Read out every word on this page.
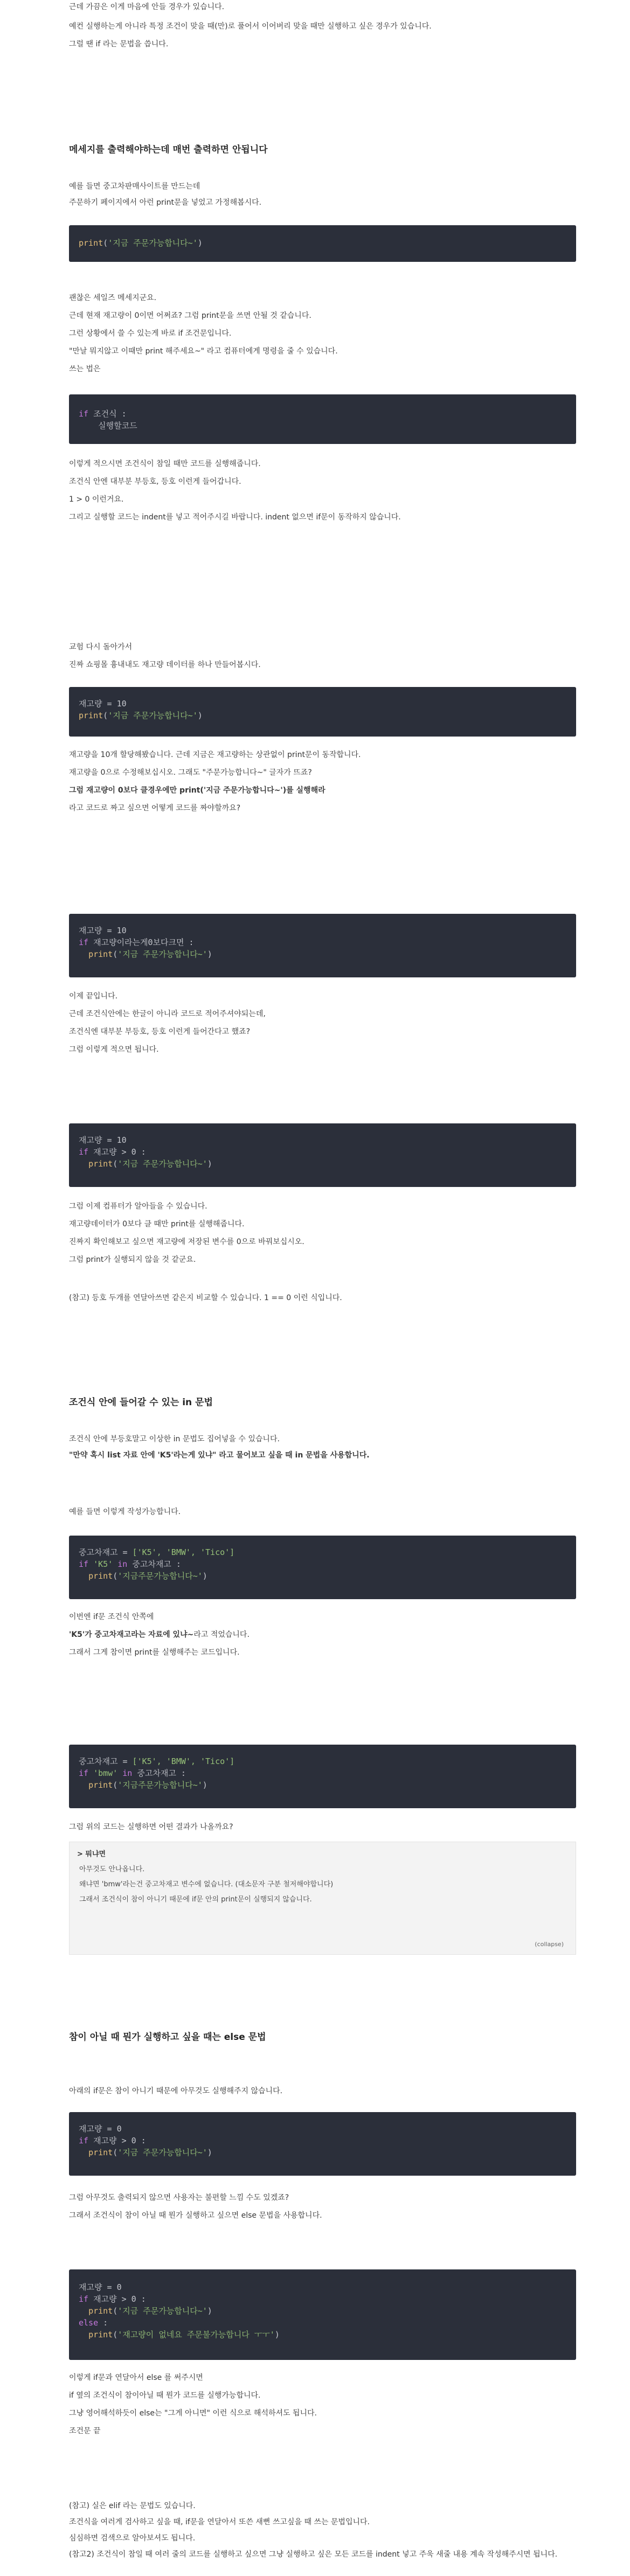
근데 가끔은 이게 마음에 안들 경우가 있습니다.

예컨 실행하는게 아니라 특정 조건이 맞을 때(만)로 풀어서 이어버리 맞을 때만 실행하고 싶은 경우가 있습니다.

그럴 땐 if 라는 문법을 씁니다.

메세지를 출력해야하는데 매번 출력하면 안됩니다

예를 들면 중고차판매사이트를 만드는데

주문하기 페이지에서 아런 print문을 넣었고 가정해봅시다.

print('지금 주문가능합니다~')

괜찮은 세일즈 메세지군요.

근데 현재 재고량이 0이면 어쩌죠? 그럼 print문을 쓰면 안될 것 같습니다.

그런 상황에서 쓸 수 있는게 바로 if 조건문입니다.

"만날 뭐지않고 이때만 print 해주세요~" 라고 컴퓨터에게 명령을 줄 수 있습니다.

쓰는 법은

if 조건식 :
실행할코드

이렇게 적으시면 조건식이 참일 때만 코드를 실행해줍니다.

조건식 안엔 대부분 부등호, 등호 이런게 들어갑니다.

1 > 0 이런거요.

그리고 실행할 코드는 indent를 넣고 적어주시길 바랍니다. indent 없으면 if문이 동작하지 않습니다.

교험 다시 돌아가서

진짜 쇼핑몰 흉내내도 재고량 데이터를 하나 만들어봅시다.

재고량 = 10
print('지금 주문가능합니다~')

재고량을 10개 할당해봤습니다. 근데 지금은 재고량하는 상관없이 print문이 동작합니다.

재고량을 0으로 수정해보십시오. 그래도 "주문가능합니다~" 글자가 뜨죠?

그럼 재고량이 0보다 클경우에만 print('지금 주문가능합니다~')를 실행해라

라고 코드로 짜고 싶으면 어떻게 코드를 짜야할까요?

재고량 = 10
if 재고량이라는게0보다크면 :
print('지금 주문가능합니다~')

이제 끝입니다.

근데 조건식안에는 한글이 아니라 코드로 적어주셔야되는데,

조건식엔 대부분 부등호, 등호 이런게 들어간다고 했죠?

그럼 이렇게 적으면 됩니다.

재고량 = 10
if 재고량 > 0 :
print('지금 주문가능합니다~')

그럼 이제 컴퓨터가 알아들을 수 있습니다.

재고량데이터가 0보다 클 때만 print를 실행해줍니다.

진짜지 확인해보고 싶으면 재고량에 저장된 변수를 0으로 바꿔보십시오.

그럼 print가 실행되지 않을 것 같군요.

(참고) 등호 두개를 연달아쓰면 같은지 비교할 수 있습니다. 1 == 0 이런 식입니다.

조건식 안에 들어갈 수 있는 in 문법

조건식 안에 부등호말고 이상한 in 문법도 집어넣을 수 있습니다.

"만약 혹시 list 자료 안에 'K5'라는게 있냐" 라고 물어보고 싶을 때 in 문법을 사용합니다.

예를 들면 이렇게 작성가능합니다.

중고차재고 = ['K5', 'BMW', 'Tico']
if 'K5' in 중고차재고 :
print('지금주문가능합니다~')

이번엔 if문 조건식 안쪽에

'K5'가 중고차재고라는 자료에 있냐~라고 적었습니다.

그래서 그게 참이면 print를 실행해주는 코드입니다.

중고차재고 = ['K5', 'BMW', 'Tico']
if 'bmw' in 중고차재고 :
print('지금주문가능합니다~')

그럼 위의 코드는 실행하면 어떤 결과가 나올까요?

> 뭐냐면
아무것도 안나옵니다.
왜냐면 'bmw'라는건 중고차재고 변수에 없습니다. (대소문자 구분 철저해야합니다)
그래서 조건식이 참이 아니기 때문에 if문 안의 print문이 실행되지 않습니다.
(collapse)
참이 아닐 때 뭔가 실행하고 싶을 때는 else 문법

아래의 if문은 참이 아니기 때문에 아무것도 실행해주지 않습니다.

재고량 = 0
if 재고량 > 0 :
print('지금 주문가능합니다~')

그럼 아무것도 출력되지 않으면 사용자는 불편할 느낌 수도 있겠죠?

그래서 조건식이 참이 아닐 때 뭔가 실행하고 싶으면 else 문법을 사용합니다.

재고량 = 0
if 재고량 > 0 :
print('지금 주문가능합니다~')
else :
print('재고량이 없네요 주문불가능합니다 ㅜㅜ')

이렇게 if문과 연달아서 else 를 써주시면

if 옆의 조건식이 참이아닐 때 뭔가 코드를 실행가능합니다.

그냥 영어해석하듯이 else는 "그게 아니면" 이런 식으로 해석하셔도 됩니다.

조건문 끝

(참고) 실은 elif 라는 문법도 있습니다.

조건식을 여러게 검사하고 싶을 때, if문을 연달아서 또쓴 새뻔 쓰고싶을 때 쓰는 문법입니다.

심심하면 검색으로 알아보셔도 됩니다.

(참고2) 조건식이 참일 때 여러 줄의 코드를 실행하고 싶으면 그냥 실행하고 싶은 모든 코드를 indent 넣고 주욱 새줄 내용 계속 작성해주시면 됩니다.
